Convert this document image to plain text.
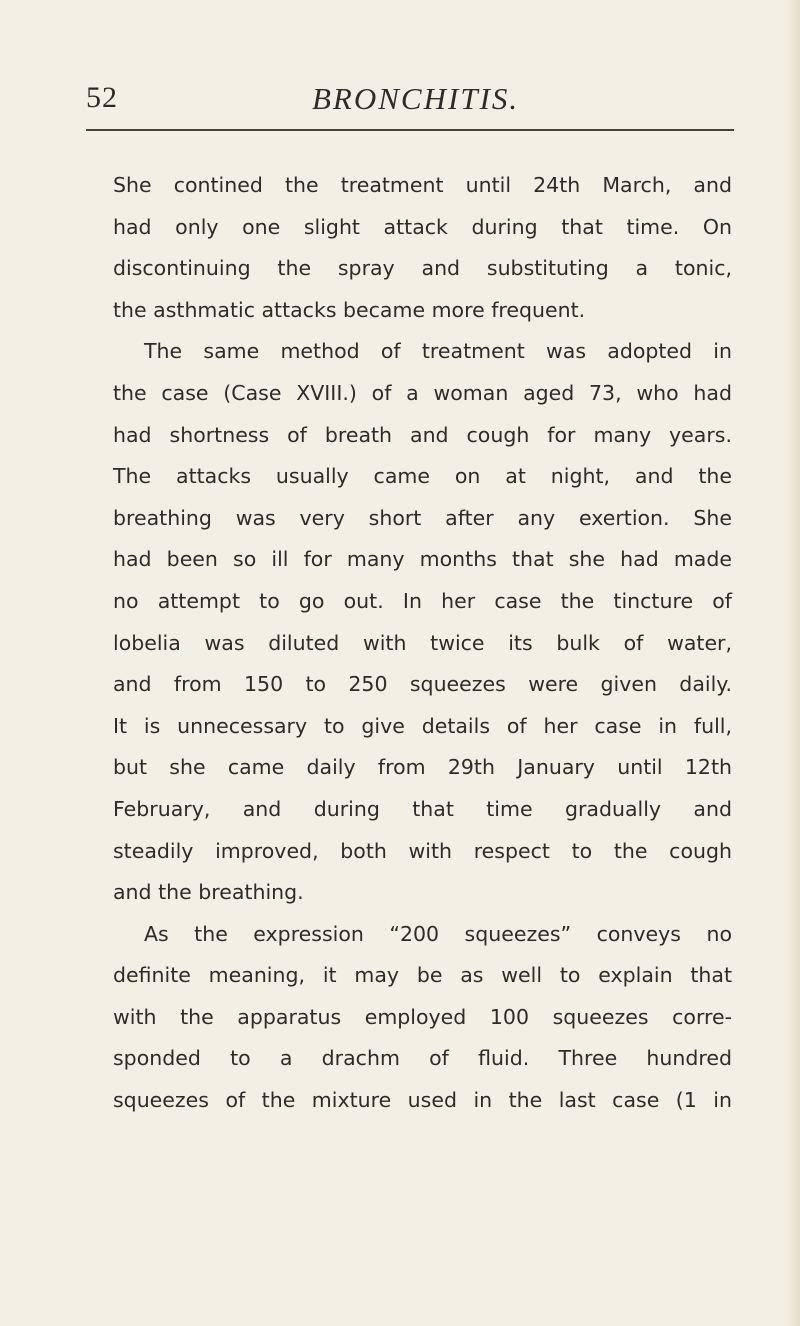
52	BRONCHITIS.
She contined the treatment until 24th March, and
had only one slight attack during that time. On
discontinuing the spray and substituting a tonic,
the asthmatic attacks became more frequent.
The same method of treatment was adopted in
the case (Case XVIII.) of a woman aged 73, who had
had shortness of breath and cough for many years.
The attacks usually came on at night, and the
breathing was very short after any exertion. She
had been so ill for many months that she had made
no attempt to go out. In her case the tincture of
lobelia was diluted with twice its bulk of water,
and from 150 to 250 squeezes were given daily.
It is unnecessary to give details of her case in full,
but she came daily from 29th January until 12th
February, and during that time gradually and
steadily improved, both with respect to the cough
and the breathing.
As the expression “200 squeezes” conveys no
definite meaning, it may be as well to explain that
with the apparatus employed 100 squeezes corre-
sponded to a drachm of fluid. Three hundred
squeezes of the mixture used in the last case (1 in
